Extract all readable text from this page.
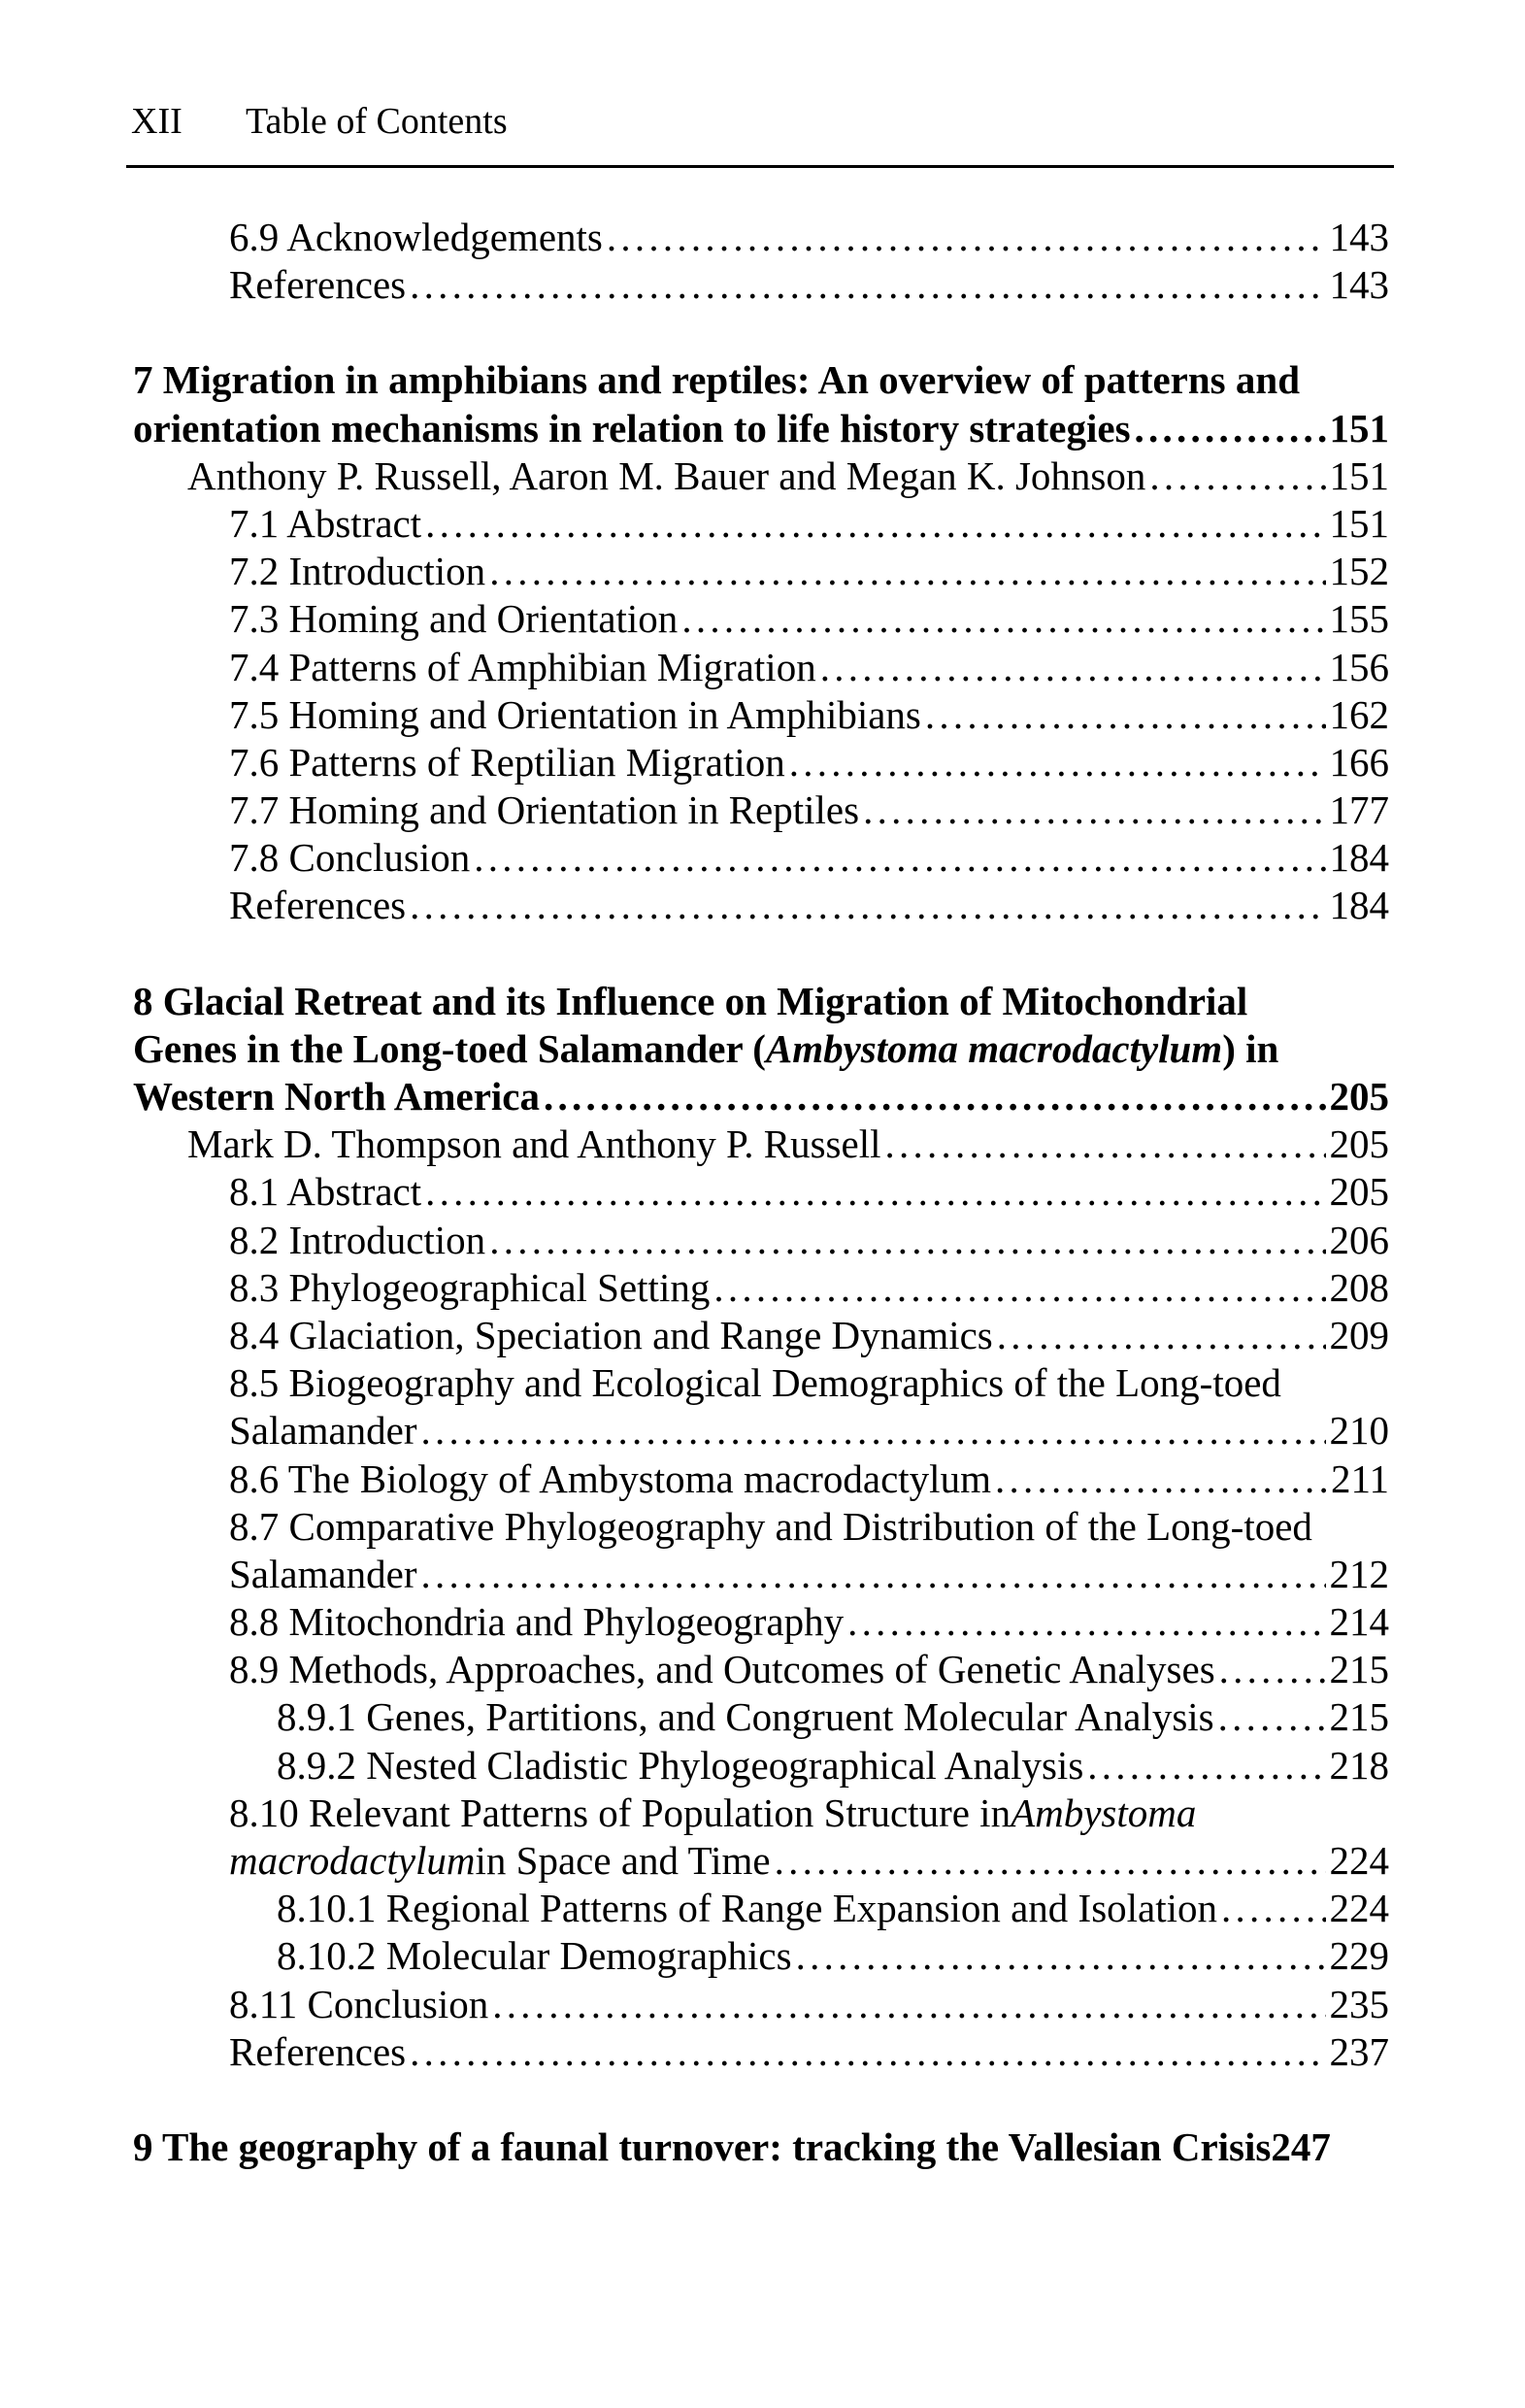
XII Table of Contents
6.9 Acknowledgements . . .	143
References . . .	143
7 Migration in amphibians and reptiles: An overview of patterns and
orientation mechanisms in relation to life history strategies . . .	151
Anthony P. Russell, Aaron M. Bauer and Megan K. Johnson . . .	151
7.1 Abstract . . .	151
7.2 Introduction . . .	152
7.3 Homing and Orientation . . .	155
7.4 Patterns of Amphibian Migration . . .	156
7.5 Homing and Orientation in Amphibians . . .	162
7.6 Patterns of Reptilian Migration . . .	166
7.7 Homing and Orientation in Reptiles . . .	177
7.8 Conclusion . . .	184
References . . .	184
8 Glacial Retreat and its Influence on Migration of Mitochondrial
Genes in the Long-toed Salamander ( Ambystoma macrodactylum ) in
Western North America . . .	205
Mark D. Thompson and Anthony P. Russell . . .	205
8.1 Abstract . . .	205
8.2 Introduction . . .	206
8.3 Phylogeographical Setting . . .	208
8.4 Glaciation, Speciation and Range Dynamics . . .	209
8.5 Biogeography and Ecological Demographics of the Long-toed
Salamander . . .	210
8.6 The Biology of Ambystoma macrodactylum . . .	211
8.7 Comparative Phylogeography and Distribution of the Long-toed
Salamander . . .	212
8.8 Mitochondria and Phylogeography . . .	214
8.9 Methods, Approaches, and Outcomes of Genetic Analyses . . .	215
8.9.1 Genes, Partitions, and Congruent Molecular Analysis . . .	215
8.9.2 Nested Cladistic Phylogeographical Analysis . . .	218
8.10 Relevant Patterns of Population Structure in Ambystoma
macrodactylum in Space and Time . . .	224
8.10.1 Regional Patterns of Range Expansion and Isolation . . .	224
8.10.2 Molecular Demographics . . .	229
8.11 Conclusion . . .	235
References . . .	237
9 The geography of a faunal turnover: tracking the Vallesian Crisis 247
